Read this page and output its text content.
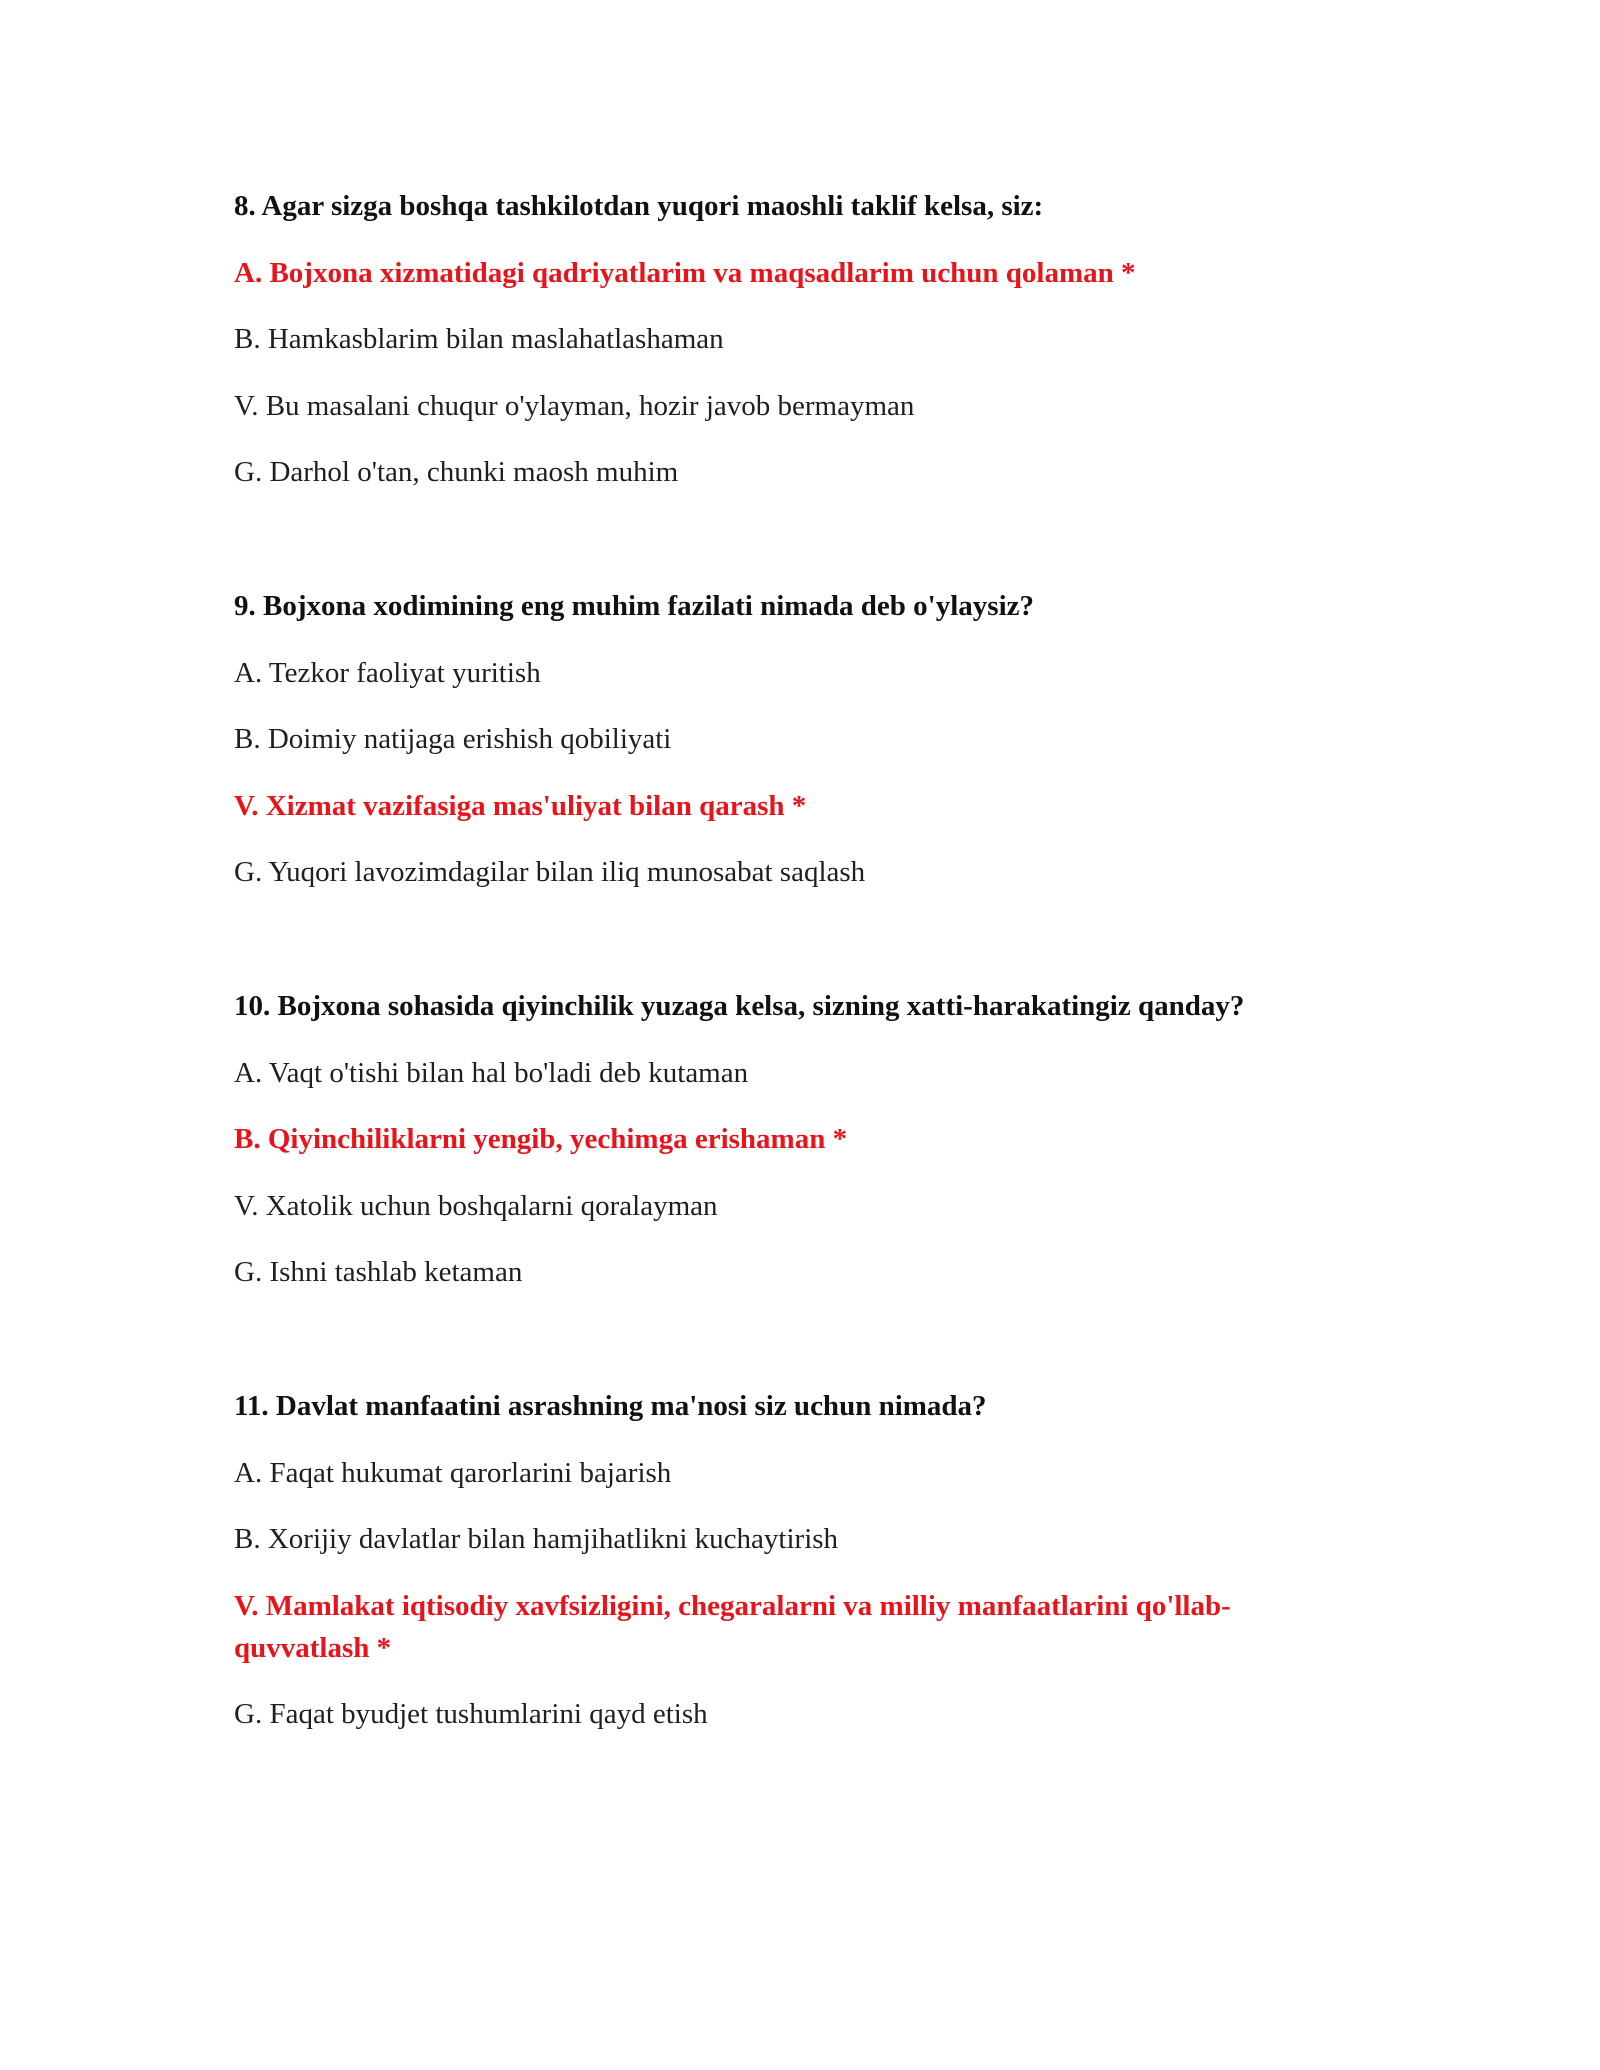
8. Agar sizga boshqa tashkilotdan yuqori maoshli taklif kelsa, siz:

A. Bojxona xizmatidagi qadriyatlarim va maqsadlarim uchun qolaman *

B. Hamkasblarim bilan maslahatlashaman

V. Bu masalani chuqur o'ylayman, hozir javob bermayman

G. Darhol o'tan, chunki maosh muhim

9. Bojxona xodimining eng muhim fazilati nimada deb o'ylaysiz?

A. Tezkor faoliyat yuritish

B. Doimiy natijaga erishish qobiliyati

V. Xizmat vazifasiga mas'uliyat bilan qarash *

G. Yuqori lavozimdagilar bilan iliq munosabat saqlash

10. Bojxona sohasida qiyinchilik yuzaga kelsa, sizning xatti-harakatingiz qanday?

A. Vaqt o'tishi bilan hal bo'ladi deb kutaman

B. Qiyinchiliklarni yengib, yechimga erishaman *

V. Xatolik uchun boshqalarni qoralayman

G. Ishni tashlab ketaman

11. Davlat manfaatini asrashning ma'nosi siz uchun nimada?

A. Faqat hukumat qarorlarini bajarish

B. Xorijiy davlatlar bilan hamjihatlikni kuchaytirish

V. Mamlakat iqtisodiy xavfsizligini, chegaralarni va milliy manfaatlarini qo'llab-quvvatlash *

G. Faqat byudjet tushumlarini qayd etish
